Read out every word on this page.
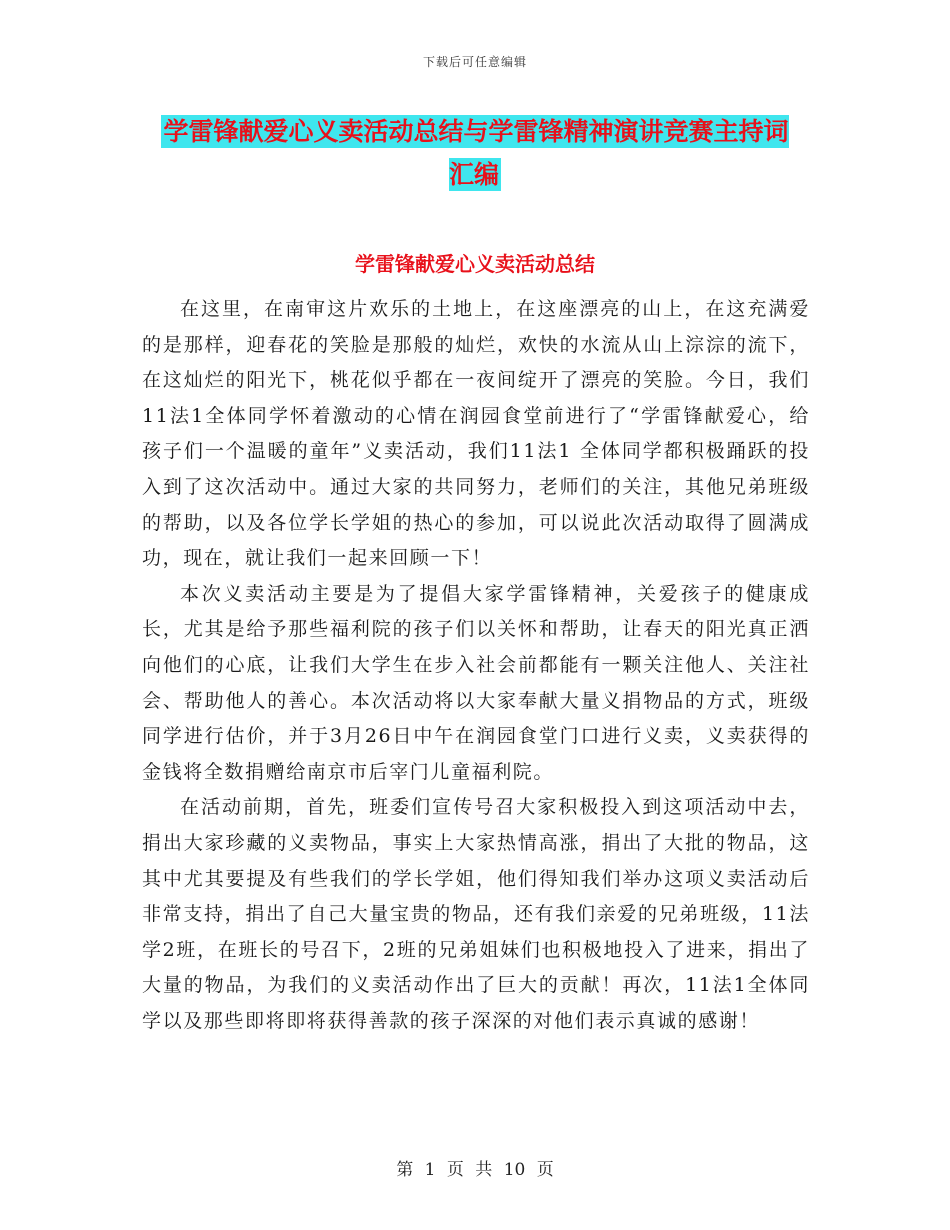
下载后可任意编辑
学雷锋献爱心义卖活动总结与学雷锋精神演讲竞赛主持词汇编
学雷锋献爱心义卖活动总结

在这里，在南审这片欢乐的土地上，在这座漂亮的山上，在这充满爱的是那样，迎春花的笑脸是那般的灿烂，欢快的水流从山上淙淙的流下，在这灿烂的阳光下，桃花似乎都在一夜间绽开了漂亮的笑脸。今日，我们11法1全体同学怀着激动的心情在润园食堂前进行了“学雷锋献爱心，给孩子们一个温暖的童年”义卖活动，我们11法1 全体同学都积极踊跃的投入到了这次活动中。通过大家的共同努力，老师们的关注，其他兄弟班级的帮助，以及各位学长学姐的热心的参加，可以说此次活动取得了圆满成功，现在，就让我们一起来回顾一下！

本次义卖活动主要是为了提倡大家学雷锋精神，关爱孩子的健康成长，尤其是给予那些福利院的孩子们以关怀和帮助，让春天的阳光真正洒向他们的心底，让我们大学生在步入社会前都能有一颗关注他人、关注社会、帮助他人的善心。本次活动将以大家奉献大量义捐物品的方式，班级同学进行估价，并于3月26日中午在润园食堂门口进行义卖，义卖获得的金钱将全数捐赠给南京市后宰门儿童福利院。

在活动前期，首先，班委们宣传号召大家积极投入到这项活动中去，捐出大家珍藏的义卖物品，事实上大家热情高涨，捐出了大批的物品，这其中尤其要提及有些我们的学长学姐，他们得知我们举办这项义卖活动后非常支持，捐出了自己大量宝贵的物品，还有我们亲爱的兄弟班级，11法学2班，在班长的号召下，2班的兄弟姐妹们也积极地投入了进来，捐出了大量的物品，为我们的义卖活动作出了巨大的贡献！再次，11法1全体同学以及那些即将即将获得善款的孩子深深的对他们表示真诚的感谢！

第 1 页 共 10 页
